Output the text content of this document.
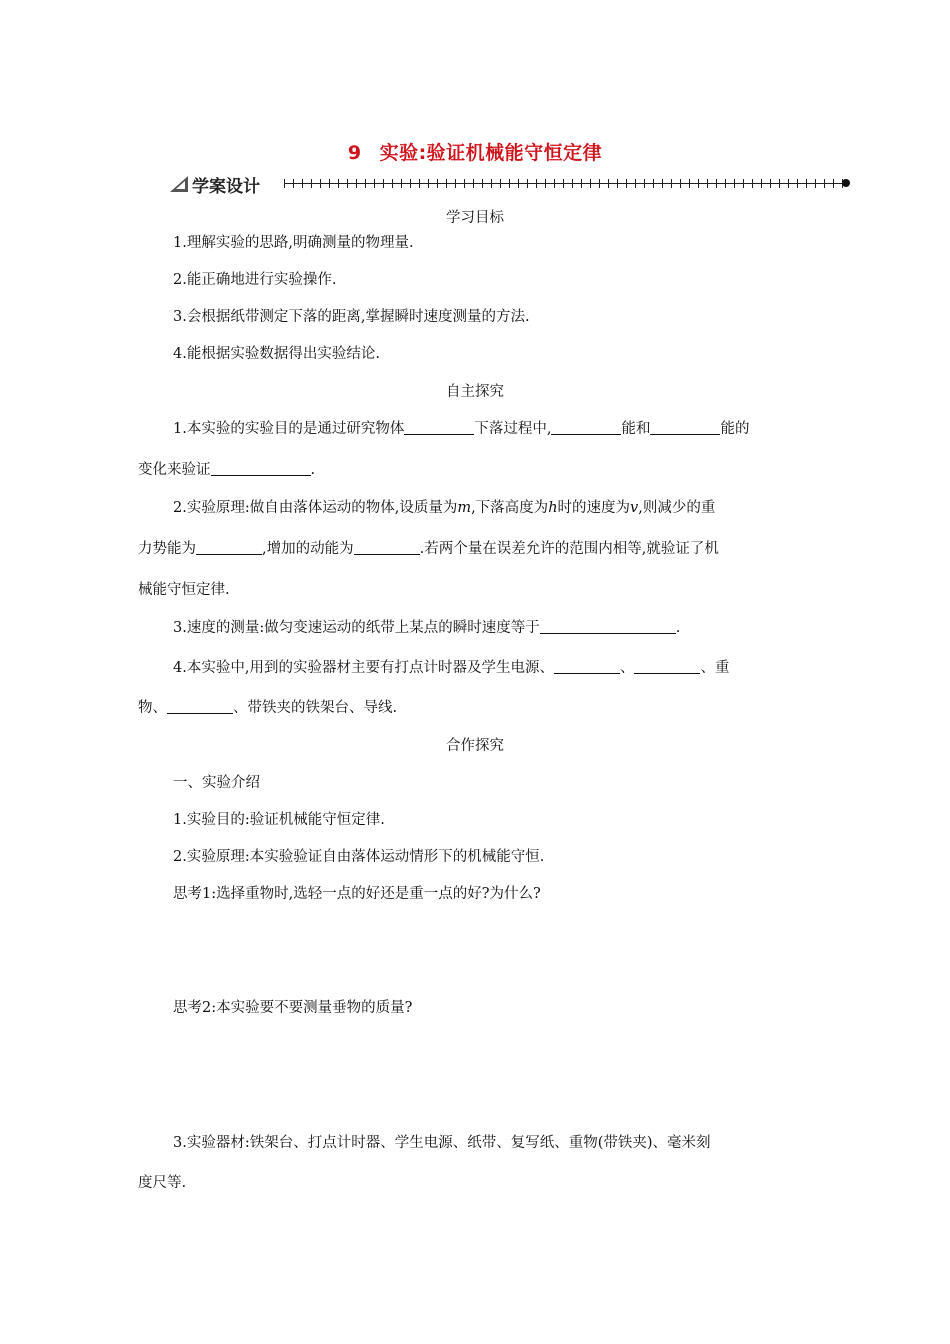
9 实验:验证机械能守恒定律
学案设计
学习目标
1.理解实验的思路,明确测量的物理量.
2.能正确地进行实验操作.
3.会根据纸带测定下落的距离,掌握瞬时速度测量的方法.
4.能根据实验数据得出实验结论.
自主探究
1.本实验的实验目的是通过研究物体	下落过程中,	能和	能的
变化来验证	.
2.实验原理:做自由落体运动的物体,设质量为m,下落高度为h时的速度为v,则减少的重
力势能为	,增加的动能为	.若两个量在误差允许的范围内相等,就验证了机
械能守恒定律.
3.速度的测量:做匀变速运动的纸带上某点的瞬时速度等于	.
4.本实验中,用到的实验器材主要有打点计时器及学生电源、	、	、重
物、	、带铁夹的铁架台、导线.
合作探究
一、实验介绍
1.实验目的:验证机械能守恒定律.
2.实验原理:本实验验证自由落体运动情形下的机械能守恒.
思考1:选择重物时,选轻一点的好还是重一点的好?为什么?
思考2:本实验要不要测量垂物的质量?
3.实验器材:铁架台、打点计时器、学生电源、纸带、复写纸、重物(带铁夹)、毫米刻
度尺等.
